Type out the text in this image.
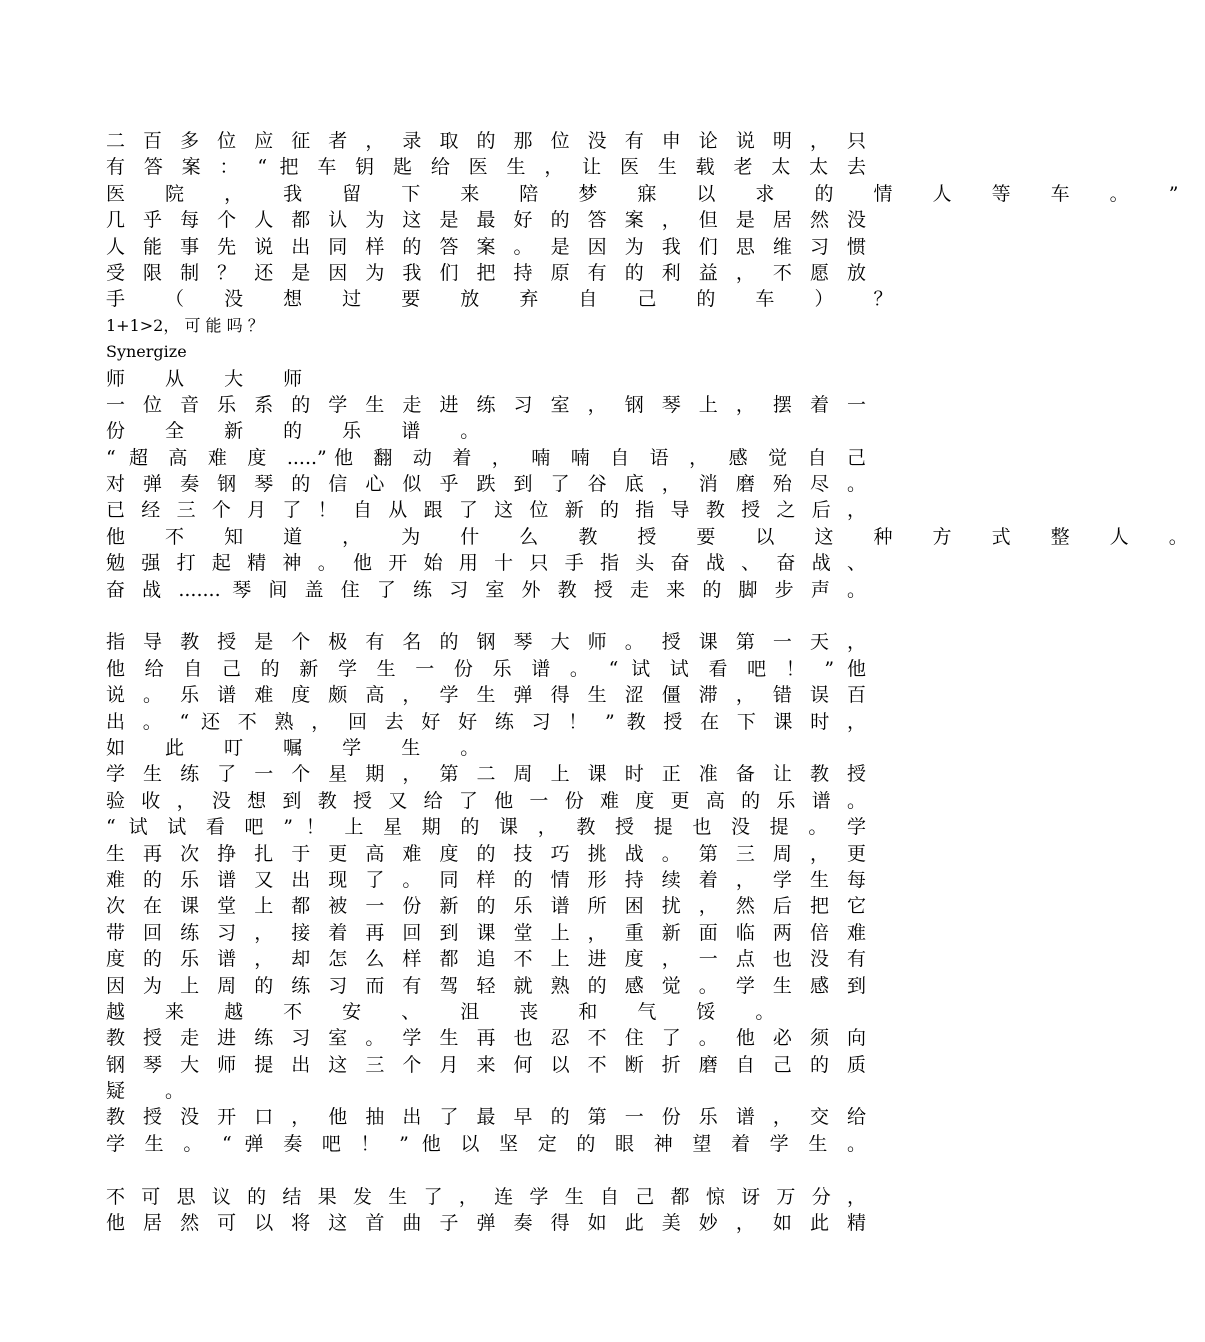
二 百 多 位 应 征 者 ， 录 取 的 那 位 没 有 申 论 说 明 ， 只
有 答 案 ： “ 把 车 钥 匙 给 医 生 ， 让 医 生 载 老 太 太 去
医 院 ， 我 留 下 来 陪 梦 寐 以 求 的 情 人 等 车 。 ”
几 乎 每 个 人 都 认 为 这 是 最 好 的 答 案 ， 但 是 居 然 没
人 能 事 先 说 出 同 样 的 答 案 。 是 因 为 我 们 思 维 习 惯
受 限 制 ？ 还 是 因 为 我 们 把 持 原 有 的 利 益 ， 不 愿 放
手 （ 没 想 过 要 放 弃 自 己 的 车 ） ？
1+1>2， 可 能 吗 ？
Synergize
师 从 大 师
一 位 音 乐 系 的 学 生 走 进 练 习 室 ， 钢 琴 上 ， 摆 着 一
份 全 新 的 乐 谱 。
“ 超 高 难 度 .....”他 翻 动 着 ， 喃 喃 自 语 ， 感 觉 自 己
对 弹 奏 钢 琴 的 信 心 似 乎 跌 到 了 谷 底 ， 消 磨 殆 尽 。
已 经 三 个 月 了 ！ 自 从 跟 了 这 位 新 的 指 导 教 授 之 后 ，
他 不 知 道 ， 为 什 么 教 授 要 以 这 种 方 式 整 人 。
勉 强 打 起 精 神 。 他 开 始 用 十 只 手 指 头 奋 战 、 奋 战 、
奋 战 ....... 琴 间 盖 住 了 练 习 室 外 教 授 走 来 的 脚 步 声 。
指 导 教 授 是 个 极 有 名 的 钢 琴 大 师 。 授 课 第 一 天 ，
他 给 自 己 的 新 学 生 一 份 乐 谱 。 “ 试 试 看 吧 ！ ” 他
说 。 乐 谱 难 度 颇 高 ， 学 生 弹 得 生 涩 僵 滞 ， 错 误 百
出 。 “ 还 不 熟 ， 回 去 好 好 练 习 ！ ” 教 授 在 下 课 时 ，
如 此 叮 嘱 学 生 。
学 生 练 了 一 个 星 期 ， 第 二 周 上 课 时 正 准 备 让 教 授
验 收 ， 没 想 到 教 授 又 给 了 他 一 份 难 度 更 高 的 乐 谱 。
“ 试 试 看 吧 ” ！ 上 星 期 的 课 ， 教 授 提 也 没 提 。 学
生 再 次 挣 扎 于 更 高 难 度 的 技 巧 挑 战 。 第 三 周 ， 更
难 的 乐 谱 又 出 现 了 。 同 样 的 情 形 持 续 着 ， 学 生 每
次 在 课 堂 上 都 被 一 份 新 的 乐 谱 所 困 扰 ， 然 后 把 它
带 回 练 习 ， 接 着 再 回 到 课 堂 上 ， 重 新 面 临 两 倍 难
度 的 乐 谱 ， 却 怎 么 样 都 追 不 上 进 度 ， 一 点 也 没 有
因 为 上 周 的 练 习 而 有 驾 轻 就 熟 的 感 觉 。 学 生 感 到
越 来 越 不 安 、 沮 丧 和 气 馁 。
教 授 走 进 练 习 室 。 学 生 再 也 忍 不 住 了 。 他 必 须 向
钢 琴 大 师 提 出 这 三 个 月 来 何 以 不 断 折 磨 自 己 的 质
疑 。
教 授 没 开 口 ， 他 抽 出 了 最 早 的 第 一 份 乐 谱 ， 交 给
学 生 。 “ 弹 奏 吧 ！ ” 他 以 坚 定 的 眼 神 望 着 学 生 。
不 可 思 议 的 结 果 发 生 了 ， 连 学 生 自 己 都 惊 讶 万 分 ，
他 居 然 可 以 将 这 首 曲 子 弹 奏 得 如 此 美 妙 ， 如 此 精
